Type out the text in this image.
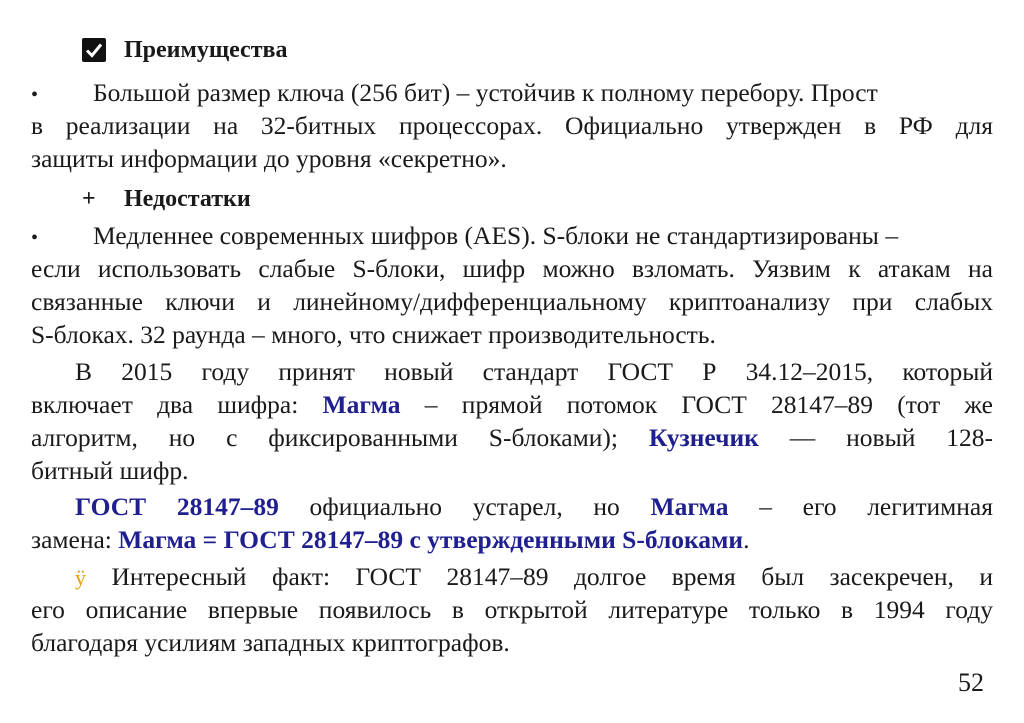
Преимущества
• Большой размер ключа (256 бит) – устойчив к полному перебору. Прост
в реализации на 32-битных процессорах. Официально утвержден в РФ для
защиты информации до уровня «секретно».
+	Недостатки
• Медленнее современных шифров (AES). S-блоки не стандартизированы –
если использовать слабые S-блоки, шифр можно взломать. Уязвим к атакам на
связанные ключи и линейному/дифференциальному криптоанализу при слабых
S-блоках. 32 раунда – много, что снижает производительность.
В 2015 году принят новый стандарт ГОСТ Р 34.12–2015, который
включает два шифра: Магма – прямой потомок ГОСТ 28147–89 (тот же
алгоритм, но с фиксированными S-блоками); Кузнечик — новый 128-
битный шифр.
ГОСТ 28147–89 официально устарел, но Магма – его легитимная
замена: Магма = ГОСТ 28147–89 с утвержденными S-блоками.
ÿ Интересный факт: ГОСТ 28147–89 долгое время был засекречен, и
его описание впервые появилось в открытой литературе только в 1994 году
благодаря усилиям западных криптографов.
52
